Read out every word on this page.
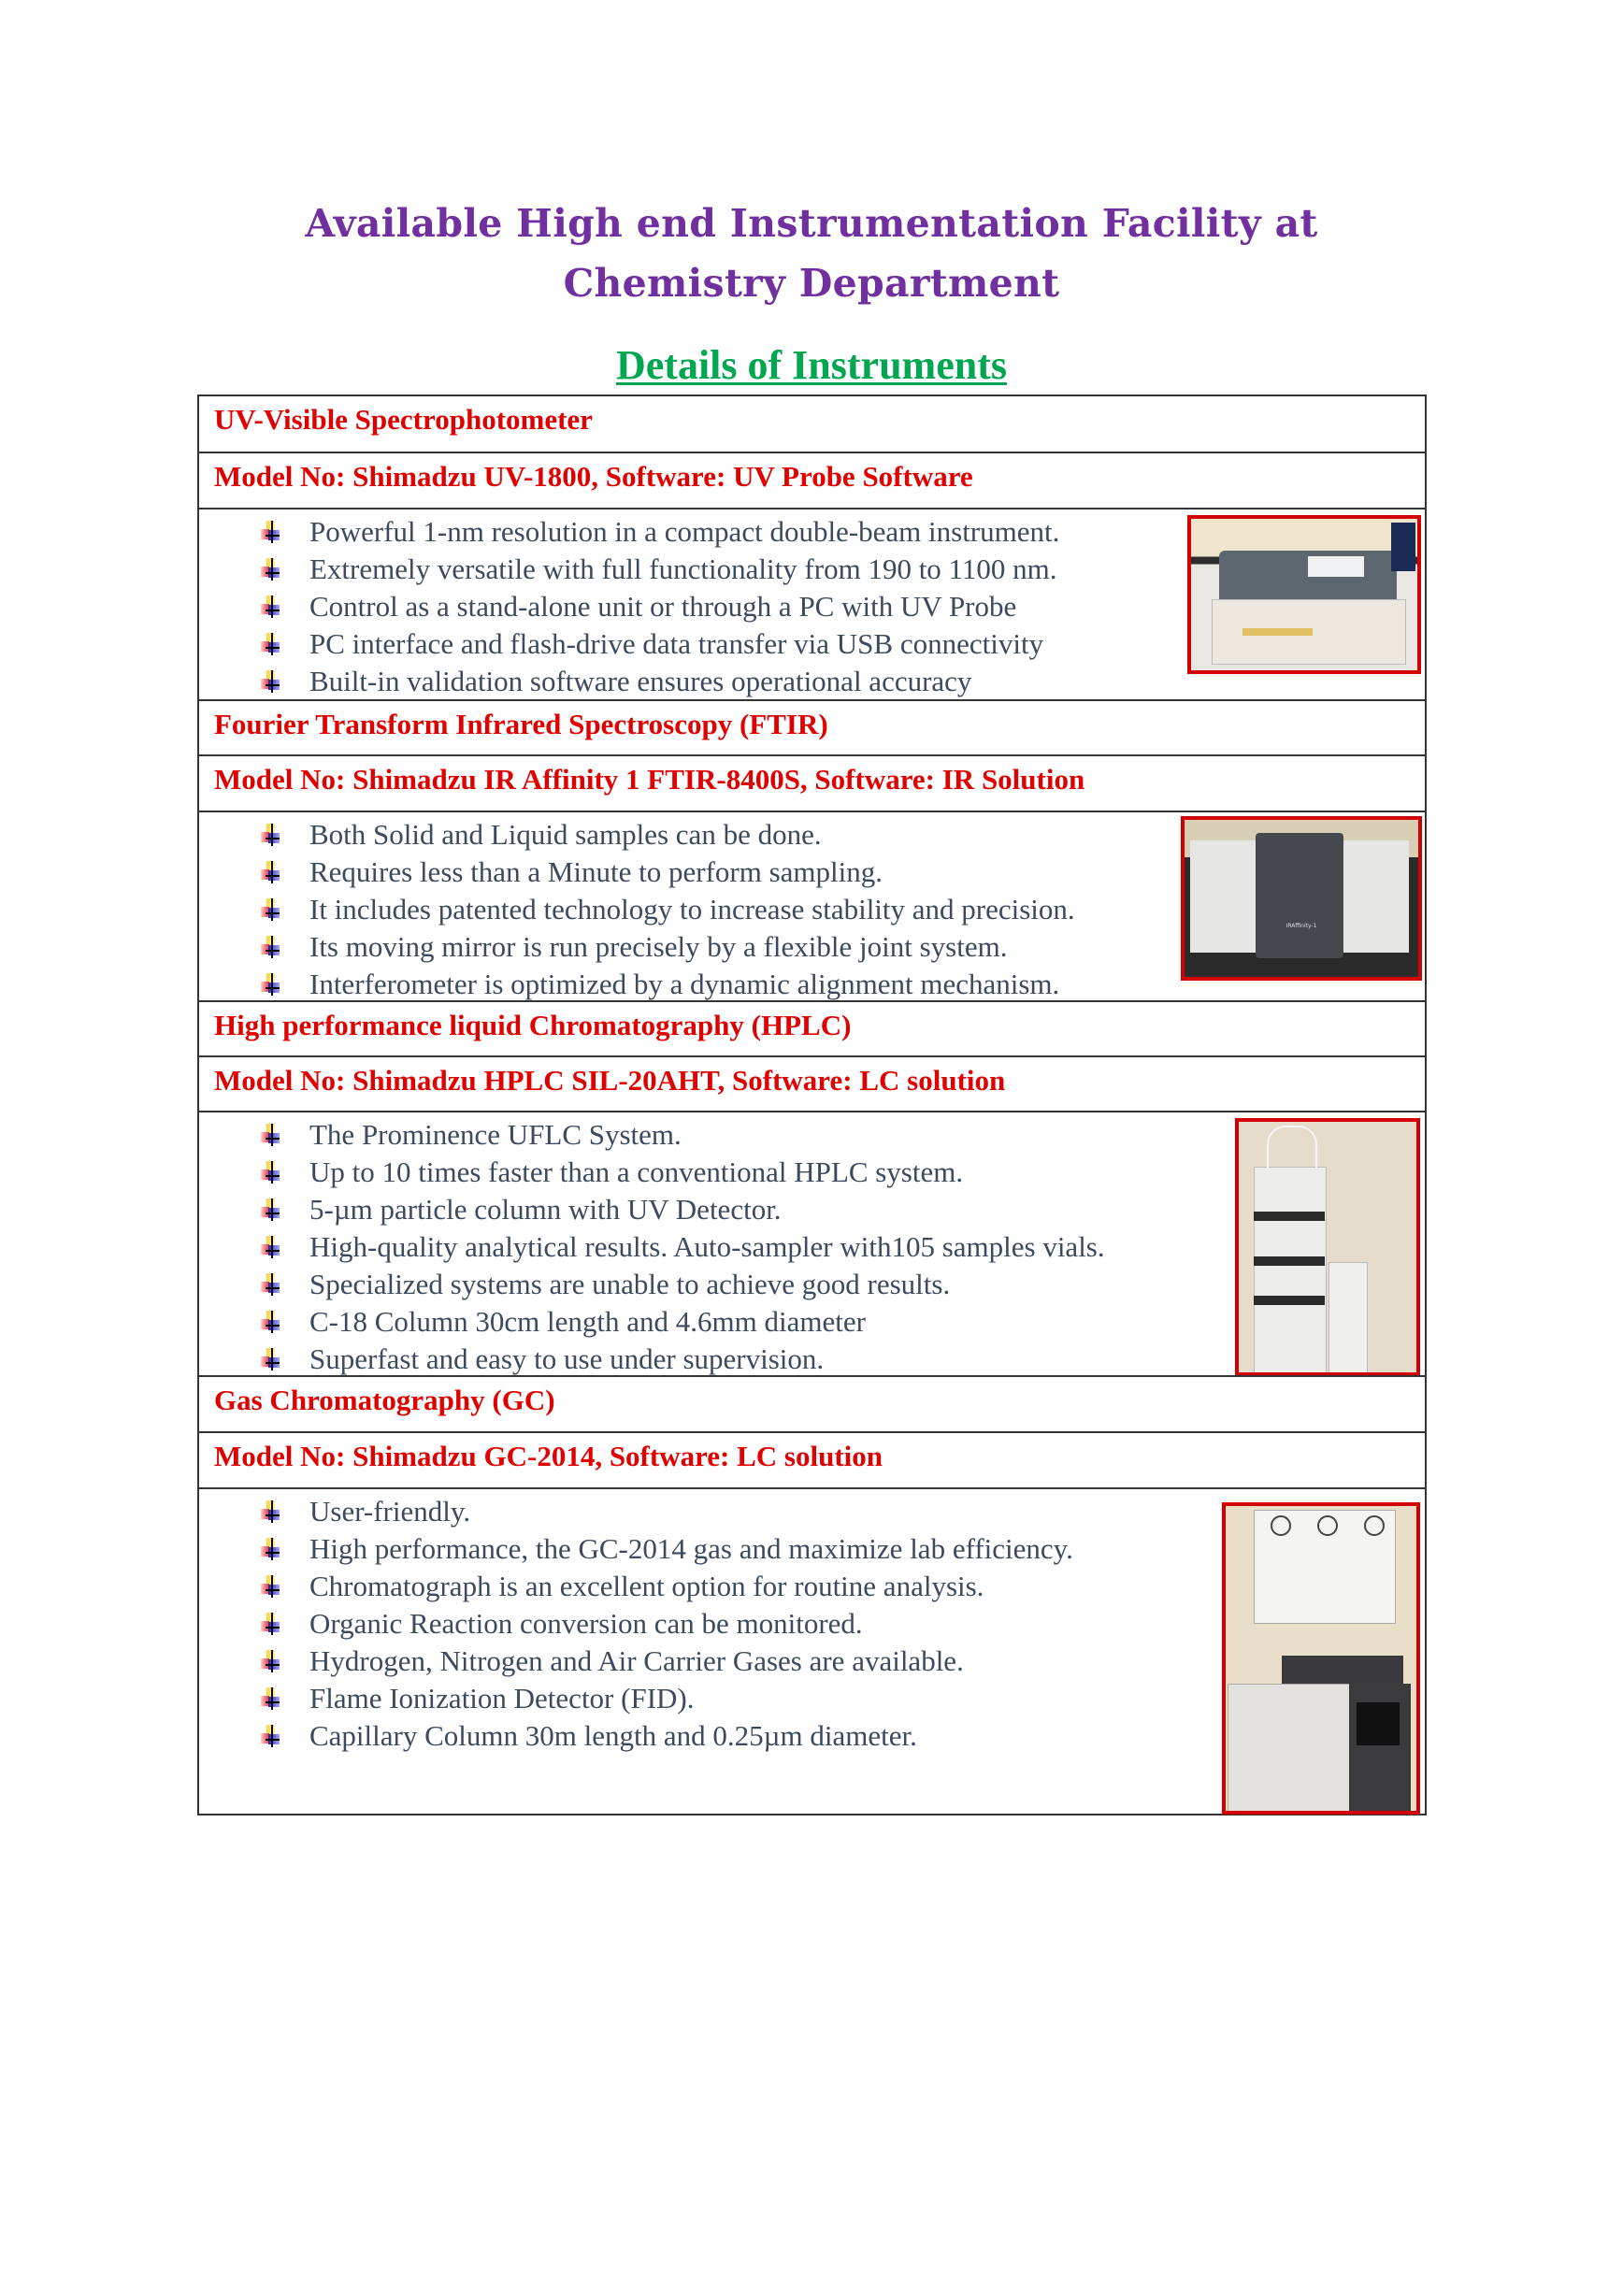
Available High end Instrumentation Facility at
Chemistry Department
Details of Instruments
UV-Visible Spectrophotometer
Model No: Shimadzu UV-1800, Software: UV Probe Software
Powerful 1-nm resolution in a compact double-beam instrument.
Extremely versatile with full functionality from 190 to 1100 nm.
Control as a stand-alone unit or through a PC with UV Probe
PC interface and flash-drive data transfer via USB connectivity
Built-in validation software ensures operational accuracy
Fourier Transform Infrared Spectroscopy (FTIR)
Model No: Shimadzu IR Affinity 1 FTIR-8400S, Software: IR Solution
Both Solid and Liquid samples can be done.
Requires less than a Minute to perform sampling.
It includes patented technology to increase stability and precision.
Its moving mirror is run precisely by a flexible joint system.
Interferometer is optimized by a dynamic alignment mechanism.
IRAffinity-1
High performance liquid Chromatography (HPLC)
Model No: Shimadzu HPLC SIL-20AHT, Software: LC solution
The Prominence UFLC System.
Up to 10 times faster than a conventional HPLC system.
5-µm particle column with UV Detector.
High-quality analytical results. Auto-sampler with105 samples vials.
Specialized systems are unable to achieve good results.
C-18 Column 30cm length and 4.6mm diameter
Superfast and easy to use under supervision.
Gas Chromatography (GC)
Model No: Shimadzu GC-2014, Software: LC solution
User-friendly.
High performance, the GC-2014 gas and maximize lab efficiency.
Chromatograph is an excellent option for routine analysis.
Organic Reaction conversion can be monitored.
Hydrogen, Nitrogen and Air Carrier Gases are available.
Flame Ionization Detector (FID).
Capillary Column 30m length and 0.25µm diameter.
